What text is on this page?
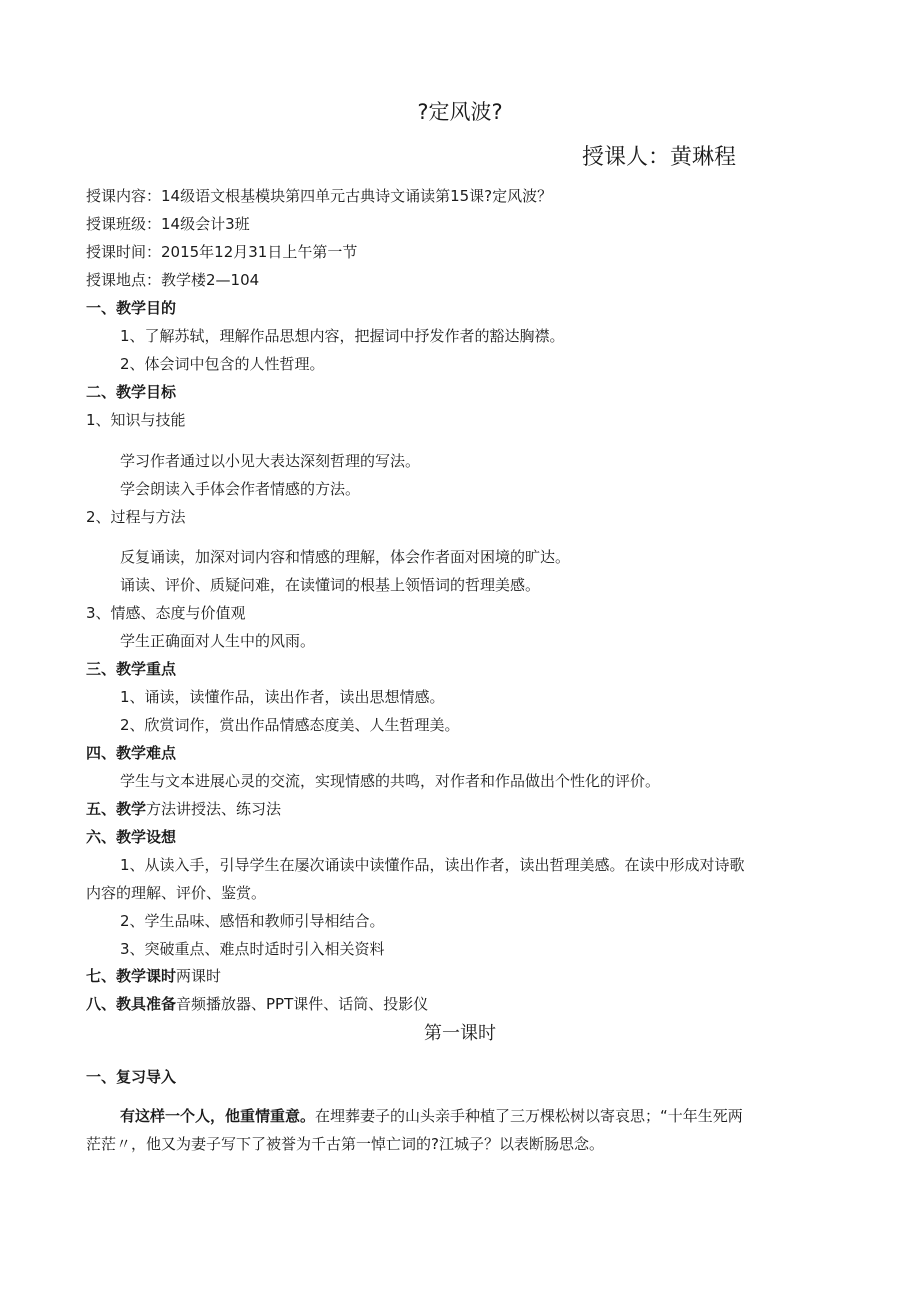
?定风波?
授课人：黄琳程
授课内容：14级语文根基模块第四单元古典诗文诵读第15课?定风波？
授课班级：14级会计3班
授课时间：2015年12月31日上午第一节
授课地点：教学楼2—104
一、教学目的
1、了解苏轼，理解作品思想内容，把握词中抒发作者的豁达胸襟。
2、体会词中包含的人性哲理。
二、教学目标
1、知识与技能
学习作者通过以小见大表达深刻哲理的写法。
学会朗读入手体会作者情感的方法。
2、过程与方法
反复诵读，加深对词内容和情感的理解，体会作者面对困境的旷达。
诵读、评价、质疑问难，在读懂词的根基上领悟词的哲理美感。
3、情感、态度与价值观
学生正确面对人生中的风雨。
三、教学重点
1、诵读，读懂作品，读出作者，读出思想情感。
2、欣赏词作，赏出作品情感态度美、人生哲理美。
四、教学难点
学生与文本进展心灵的交流，实现情感的共鸣，对作者和作品做出个性化的评价。
五、教学方法讲授法、练习法
六、教学设想
1、从读入手，引导学生在屡次诵读中读懂作品，读出作者，读出哲理美感。在读中形成对诗歌
内容的理解、评价、鉴赏。
2、学生品味、感悟和教师引导相结合。
3、突破重点、难点时适时引入相关资料
七、教学课时两课时
八、教具准备音频播放器、PPT课件、话筒、投影仪
第一课时
一、复习导入
有这样一个人，他重情重意。在埋葬妻子的山头亲手种植了三万棵松树以寄哀思；“十年生死两
茫茫〃，他又为妻子写下了被誉为千古第一悼亡词的?江城子？以表断肠思念。
